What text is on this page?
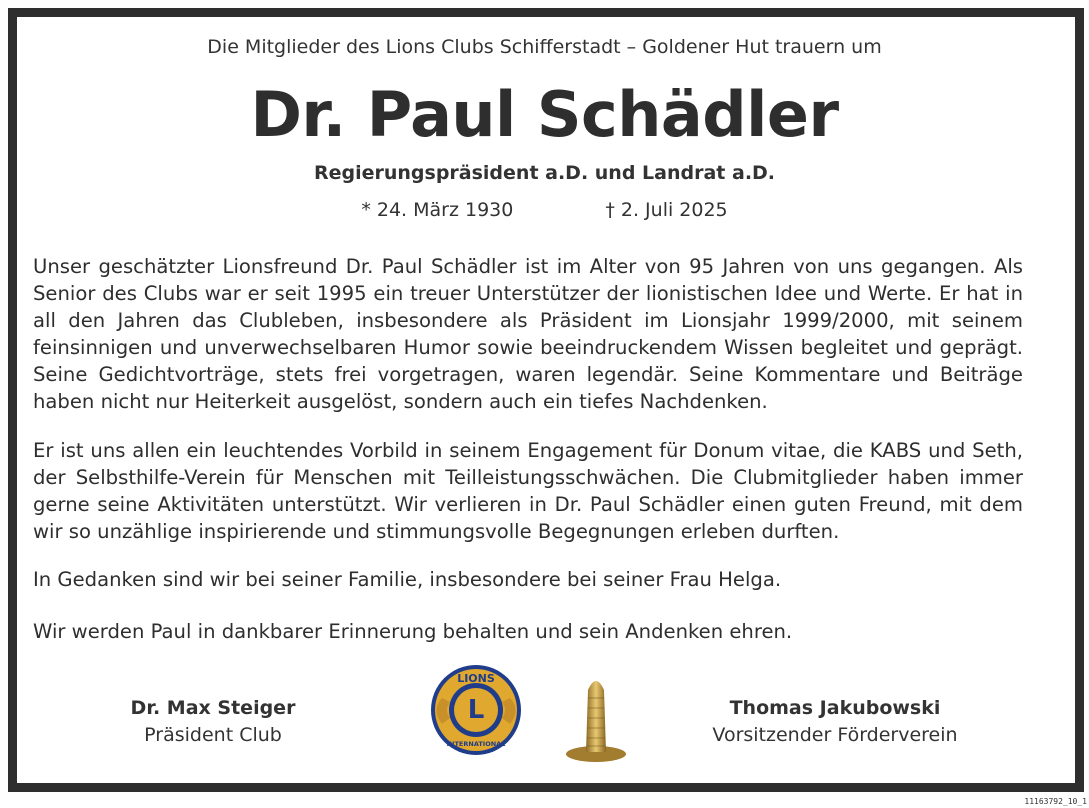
Die Mitglieder des Lions Clubs Schifferstadt – Goldener Hut trauern um
Dr. Paul Schädler
Regierungspräsident a.D. und Landrat a.D.
* 24. März 1930	† 2. Juli 2025
Unser geschätzter Lionsfreund Dr. Paul Schädler ist im Alter von 95 Jahren von uns gegangen. Als Senior des Clubs war er seit 1995 ein treuer Unterstützer der lionistischen Idee und Werte. Er hat in all den Jahren das Clubleben, insbesondere als Präsident im Lionsjahr 1999/2000, mit seinem feinsinnigen und unverwechselbaren Humor sowie beeindruckendem Wissen begleitet und geprägt. Seine Gedichtvorträge, stets frei vorgetragen, waren legendär. Seine Kommentare und Beiträge haben nicht nur Heiterkeit ausgelöst, sondern auch ein tiefes Nachdenken.
Er ist uns allen ein leuchtendes Vorbild in seinem Engagement für Donum vitae, die KABS und Seth, der Selbsthilfe-Verein für Menschen mit Teilleistungsschwächen. Die Clubmitglieder haben immer gerne seine Aktivitäten unterstützt. Wir verlieren in Dr. Paul Schädler einen guten Freund, mit dem wir so unzählige inspirierende und stimmungsvolle Begegnungen erleben durften.
In Gedanken sind wir bei seiner Familie, insbesondere bei seiner Frau Helga.
Wir werden Paul in dankbarer Erinnerung behalten und sein Andenken ehren.
Dr. Max Steiger
Präsident Club
L
LIONS
INTERNATIONAL
Thomas Jakubowski
Vorsitzender Förderverein
11163792_10_1
